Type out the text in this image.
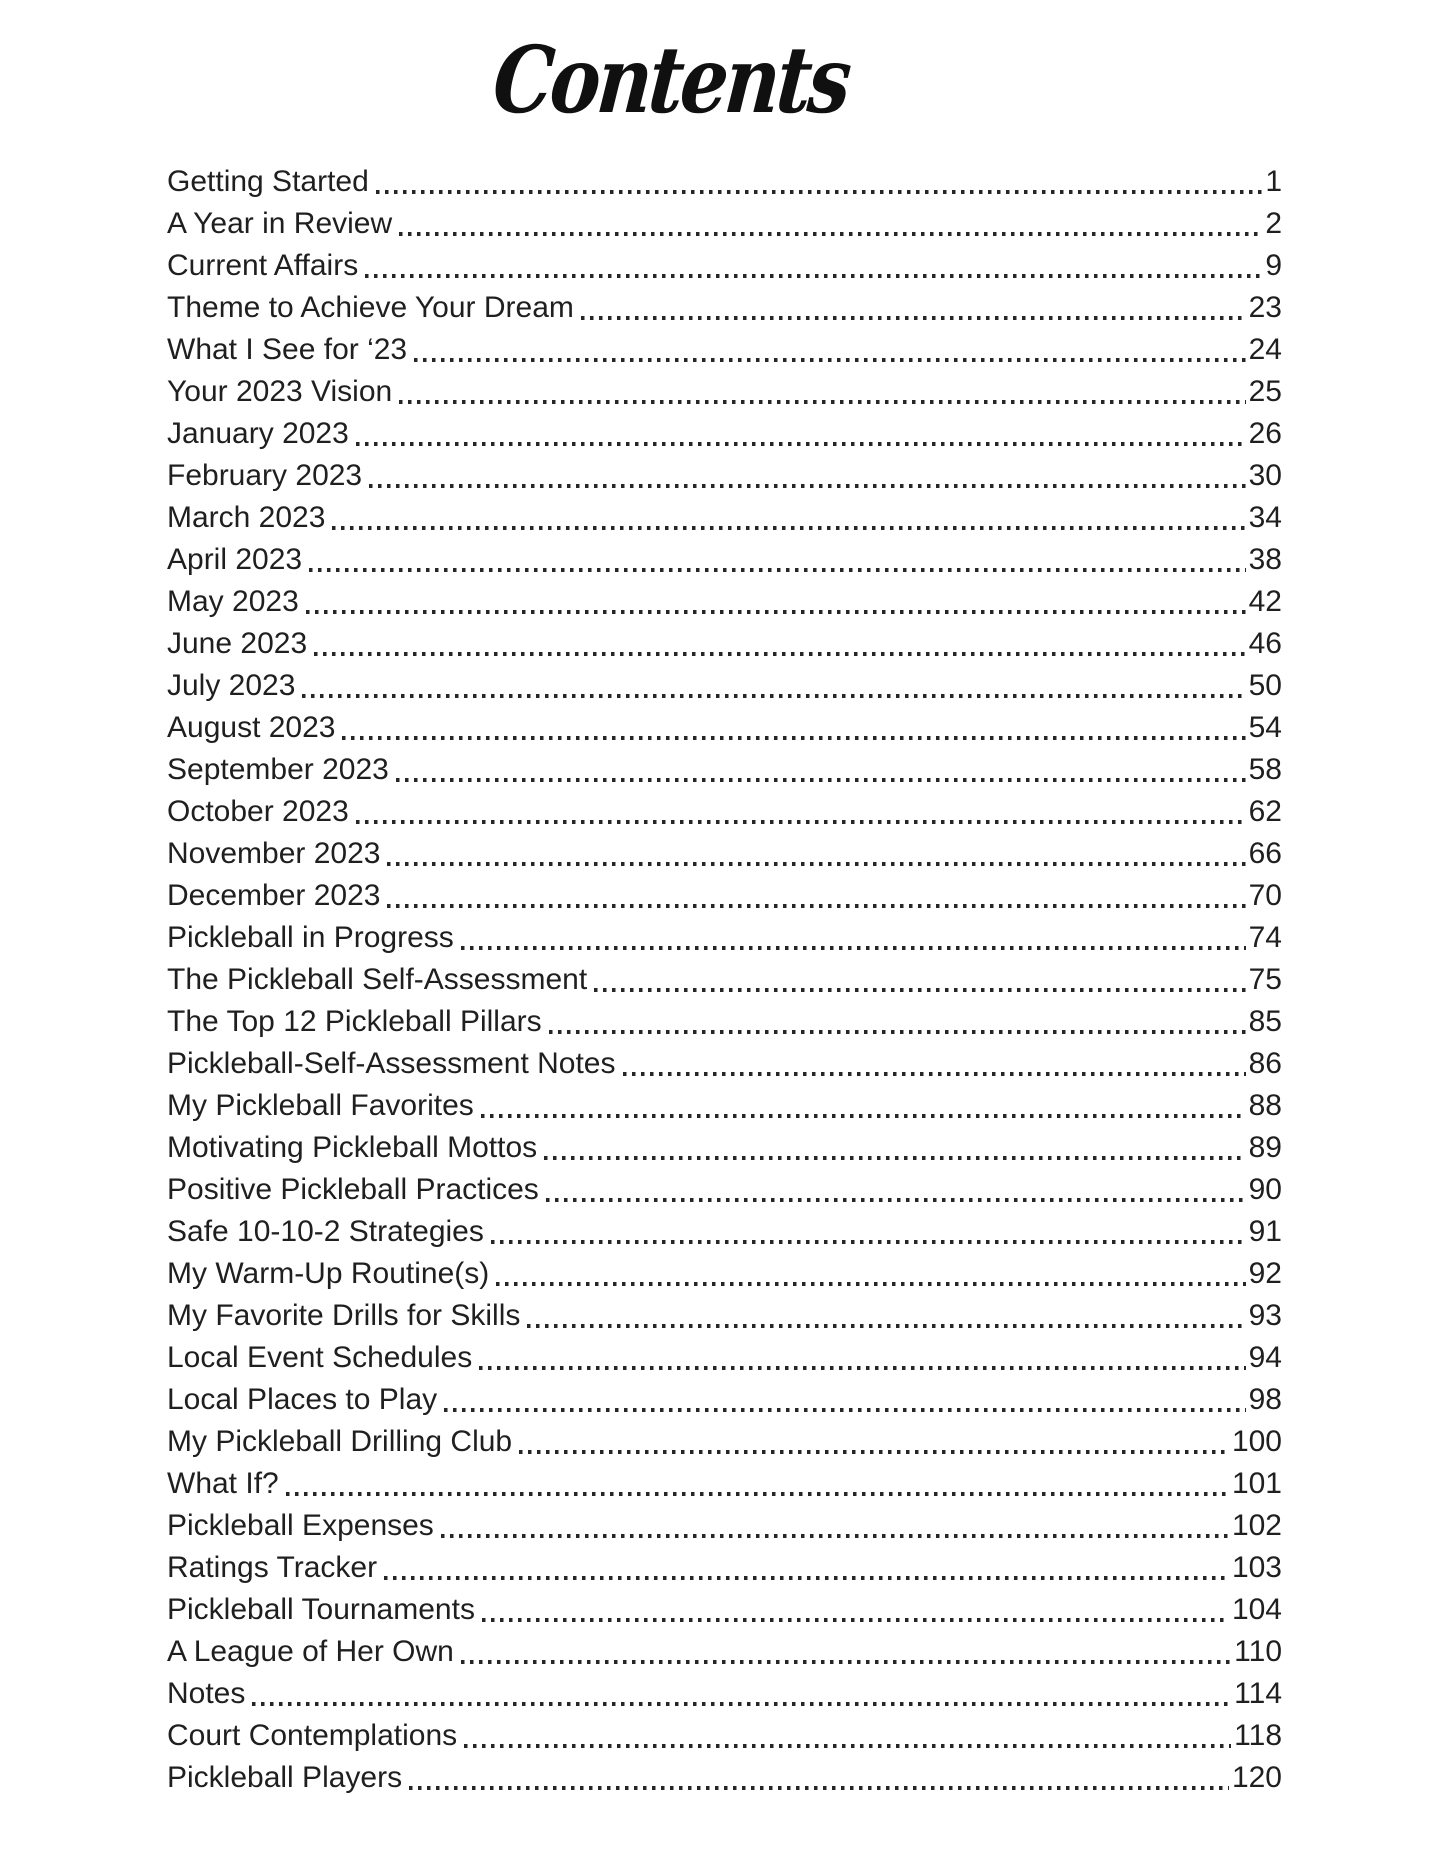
Contents
Getting Started	1
A Year in Review	2
Current Affairs	9
Theme to Achieve Your Dream	23
What I See for ‘23	24
Your 2023 Vision	25
January 2023	26
February 2023	30
March 2023	34
April 2023	38
May 2023	42
June 2023	46
July 2023	50
August 2023	54
September 2023	58
October 2023	62
November 2023	66
December 2023	70
Pickleball in Progress	74
The Pickleball Self-Assessment	75
The Top 12 Pickleball Pillars	85
Pickleball-Self-Assessment Notes	86
My Pickleball Favorites	88
Motivating Pickleball Mottos	89
Positive Pickleball Practices	90
Safe 10-10-2 Strategies	91
My Warm-Up Routine(s)	92
My Favorite Drills for Skills	93
Local Event Schedules	94
Local Places to Play	98
My Pickleball Drilling Club	100
What If?	101
Pickleball Expenses	102
Ratings Tracker	103
Pickleball Tournaments	104
A League of Her Own	110
Notes	114
Court Contemplations	118
Pickleball Players	120
